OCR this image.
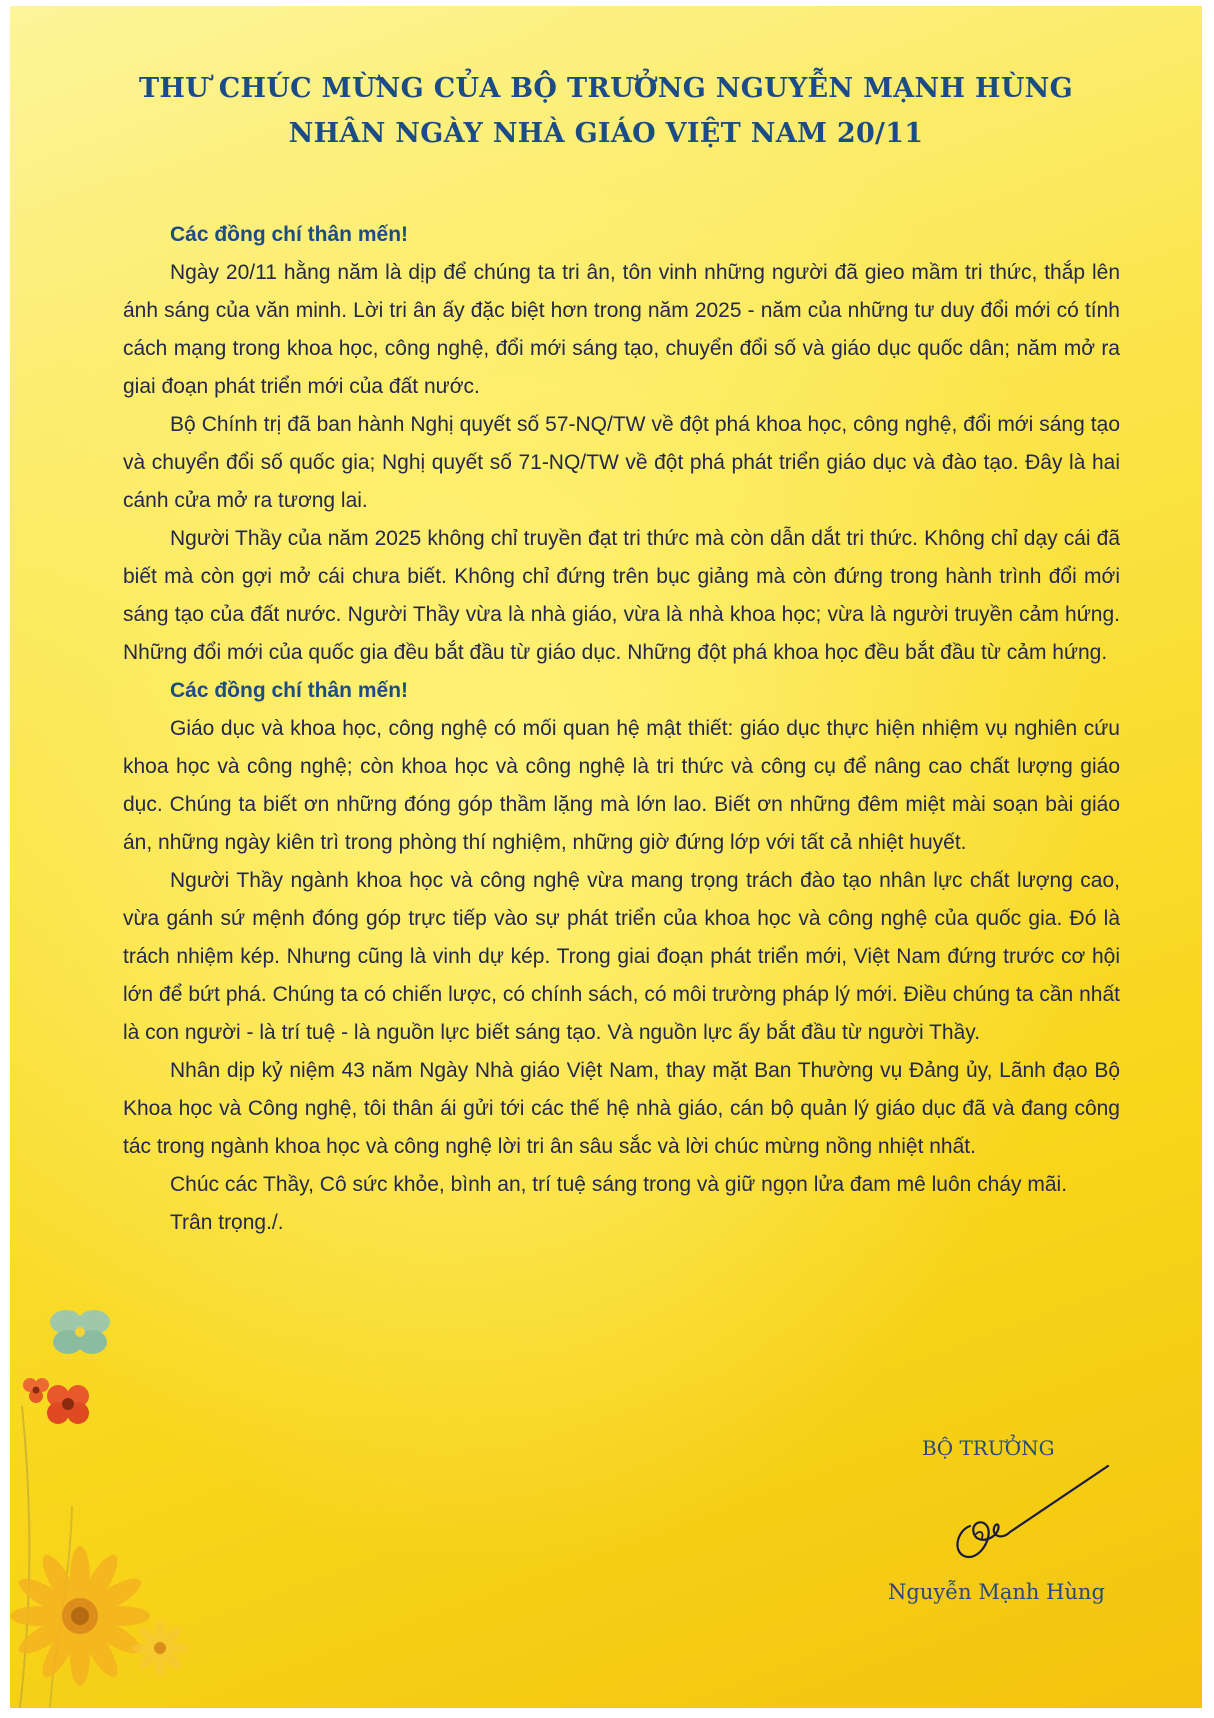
THƯ CHÚC MỪNG CỦA BỘ TRƯỞNG NGUYỄN MẠNH HÙNG
NHÂN NGÀY NHÀ GIÁO VIỆT NAM 20/11

Các đồng chí thân mến!

Ngày 20/11 hằng năm là dịp để chúng ta tri ân, tôn vinh những người đã gieo mầm tri thức, thắp lên ánh sáng của văn minh. Lời tri ân ấy đặc biệt hơn trong năm 2025 - năm của những tư duy đổi mới có tính cách mạng trong khoa học, công nghệ, đổi mới sáng tạo, chuyển đổi số và giáo dục quốc dân; năm mở ra giai đoạn phát triển mới của đất nước.

Bộ Chính trị đã ban hành Nghị quyết số 57-NQ/TW về đột phá khoa học, công nghệ, đổi mới sáng tạo và chuyển đổi số quốc gia; Nghị quyết số 71-NQ/TW về đột phá phát triển giáo dục và đào tạo. Đây là hai cánh cửa mở ra tương lai.

Người Thầy của năm 2025 không chỉ truyền đạt tri thức mà còn dẫn dắt tri thức. Không chỉ dạy cái đã biết mà còn gợi mở cái chưa biết. Không chỉ đứng trên bục giảng mà còn đứng trong hành trình đổi mới sáng tạo của đất nước. Người Thầy vừa là nhà giáo, vừa là nhà khoa học; vừa là người truyền cảm hứng. Những đổi mới của quốc gia đều bắt đầu từ giáo dục. Những đột phá khoa học đều bắt đầu từ cảm hứng.

Các đồng chí thân mến!

Giáo dục và khoa học, công nghệ có mối quan hệ mật thiết: giáo dục thực hiện nhiệm vụ nghiên cứu khoa học và công nghệ; còn khoa học và công nghệ là tri thức và công cụ để nâng cao chất lượng giáo dục. Chúng ta biết ơn những đóng góp thầm lặng mà lớn lao. Biết ơn những đêm miệt mài soạn bài giáo án, những ngày kiên trì trong phòng thí nghiệm, những giờ đứng lớp với tất cả nhiệt huyết.

Người Thầy ngành khoa học và công nghệ vừa mang trọng trách đào tạo nhân lực chất lượng cao, vừa gánh sứ mệnh đóng góp trực tiếp vào sự phát triển của khoa học và công nghệ của quốc gia. Đó là trách nhiệm kép. Nhưng cũng là vinh dự kép. Trong giai đoạn phát triển mới, Việt Nam đứng trước cơ hội lớn để bứt phá. Chúng ta có chiến lược, có chính sách, có môi trường pháp lý mới. Điều chúng ta cần nhất là con người - là trí tuệ - là nguồn lực biết sáng tạo. Và nguồn lực ấy bắt đầu từ người Thầy.

Nhân dịp kỷ niệm 43 năm Ngày Nhà giáo Việt Nam, thay mặt Ban Thường vụ Đảng ủy, Lãnh đạo Bộ Khoa học và Công nghệ, tôi thân ái gửi tới các thế hệ nhà giáo, cán bộ quản lý giáo dục đã và đang công tác trong ngành khoa học và công nghệ lời tri ân sâu sắc và lời chúc mừng nồng nhiệt nhất.

Chúc các Thầy, Cô sức khỏe, bình an, trí tuệ sáng trong và giữ ngọn lửa đam mê luôn cháy mãi.

Trân trọng./.

BỘ TRƯỞNG
Nguyễn Mạnh Hùng
